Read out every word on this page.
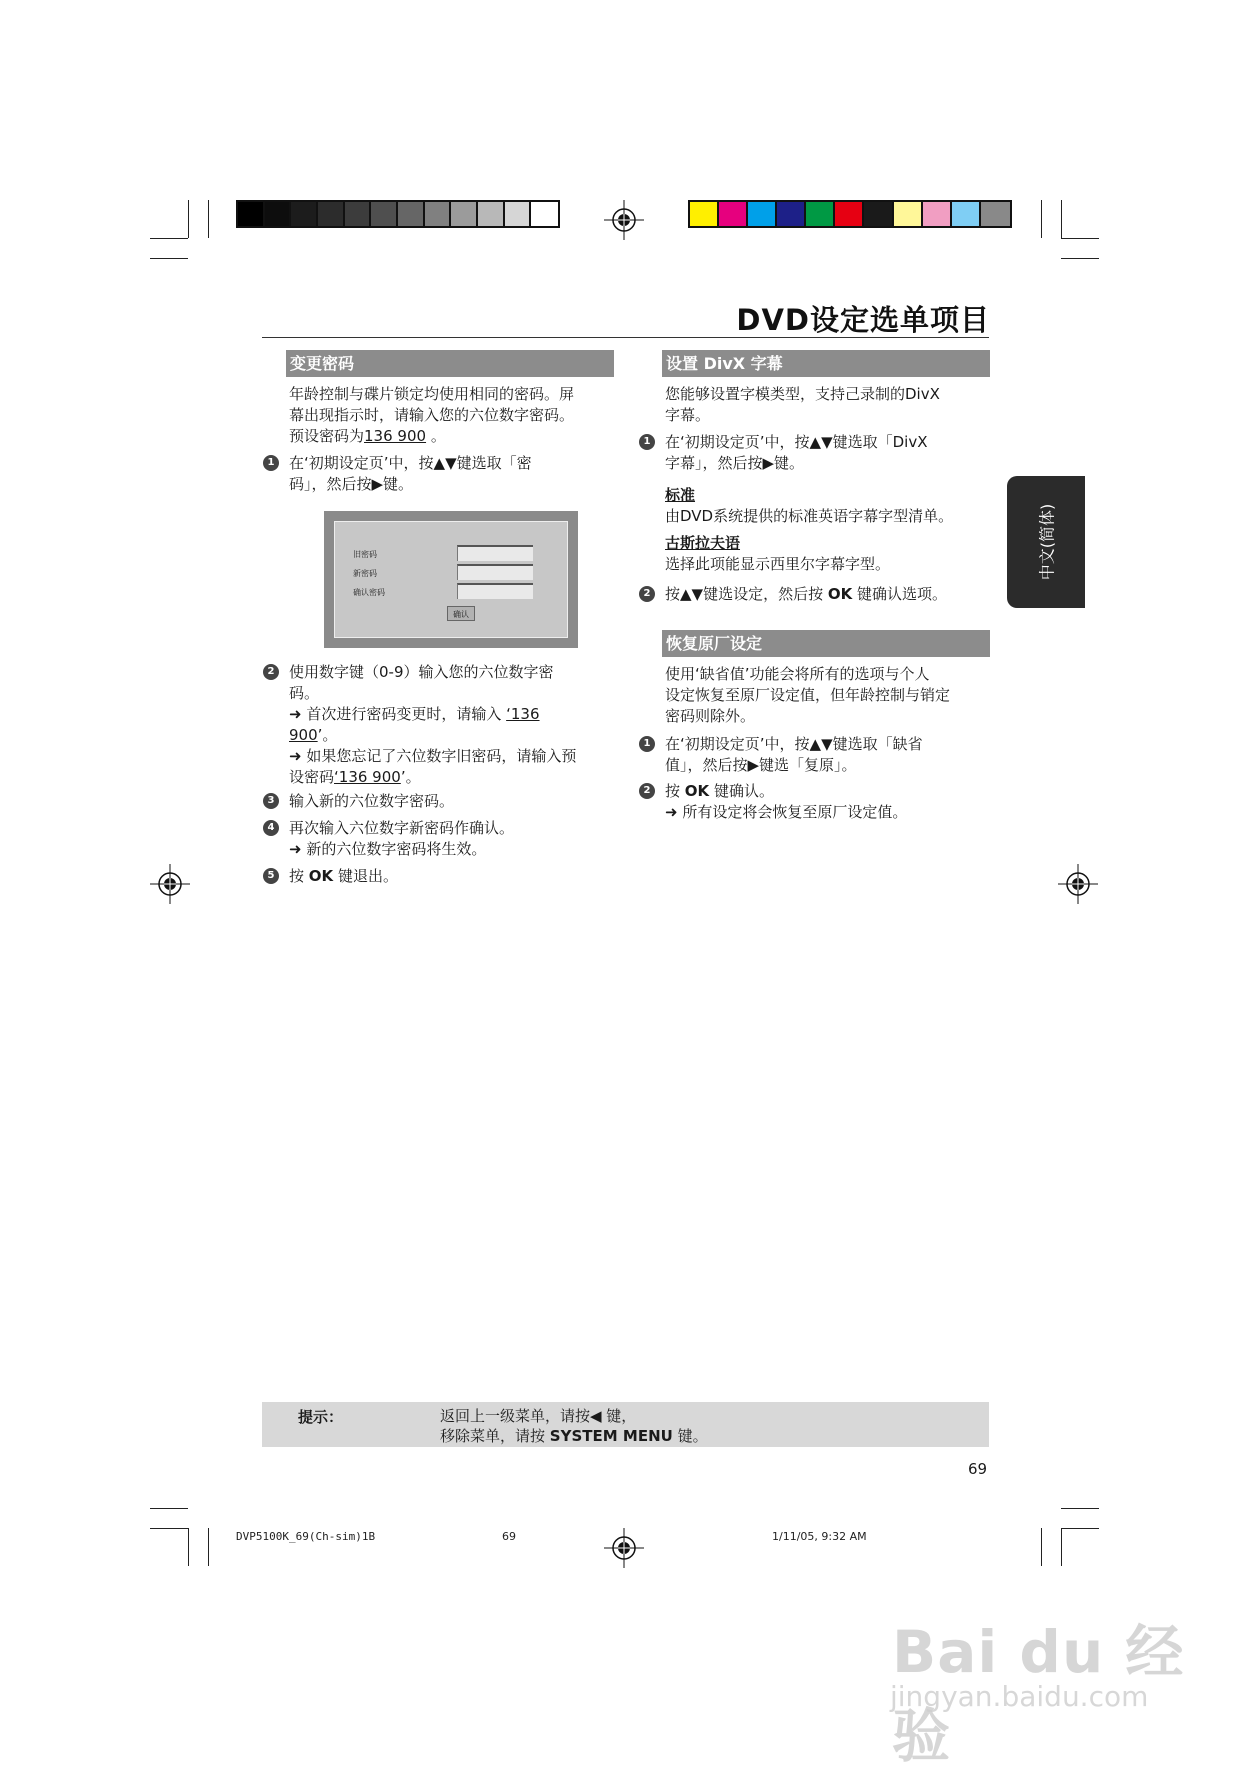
DVD设定选单项目
中文(简体)
变更密码
年龄控制与碟片锁定均使用相同的密码。屏
幕出现指示时，请输入您的六位数字密码。
预设密码为136 900 。
1 在‘初期设定页’中，按▲▼键选取「密
码」，然后按▶键。
旧密码
新密码
确认密码
确认
2 使用数字键（0-9）输入您的六位数字密
码。
➜ 首次进行密码变更时，请输入 ‘136
900’。
➜ 如果您忘记了六位数字旧密码，请输入预
设密码‘136 900’。
3 输入新的六位数字密码。
4 再次输入六位数字新密码作确认。
➜ 新的六位数字密码将生效。
5 按 OK 键退出。
设置 DivX 字幕
您能够设置字模类型，支持己录制的DivX
字幕。
1 在‘初期设定页’中，按▲▼键选取「DivX
字幕」，然后按▶键。
标准
由DVD系统提供的标准英语字幕字型清单。
古斯拉夫语
选择此项能显示西里尔字幕字型。
2 按▲▼键选设定，然后按 OK 键确认选项。
恢复原厂设定
使用‘缺省值’功能会将所有的选项与个人
设定恢复至原厂设定值，但年龄控制与销定
密码则除外。
1 在‘初期设定页’中，按▲▼键选取「缺省
值」，然后按▶键选「复原」。
2 按 OK 键确认。
➜ 所有设定将会恢复至原厂设定值。
提示：	返回上一级菜单，请按◀ 键，
移除菜单，请按 SYSTEM MENU 键。
69
DVP5100K_69(Ch-sim)1B	69	1/11/05, 9:32 AM
Bai du 经验
jingyan.baidu.com
